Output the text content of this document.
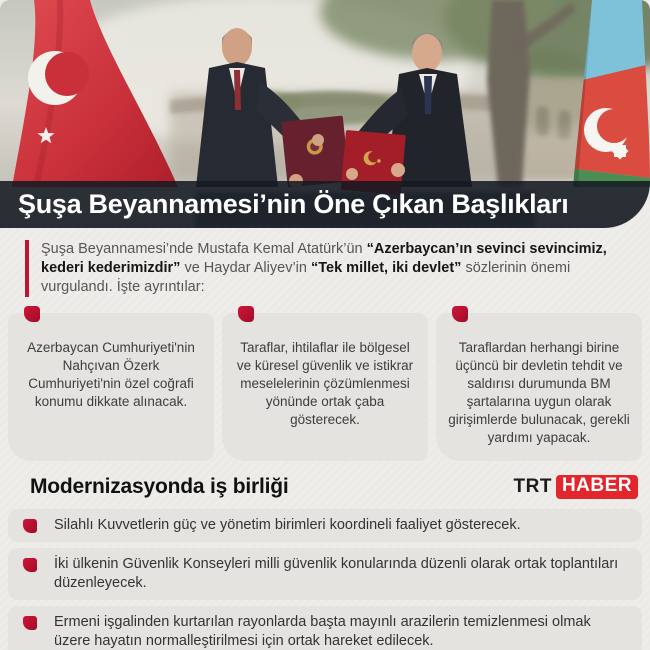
Şuşa Beyannamesi’nin Öne Çıkan Başlıkları

Şuşa Beyannamesi’nde Mustafa Kemal Atatürk’ün “Azerbaycan’ın sevinci sevincimiz, kederi kederimizdir” ve Haydar Aliyev’in “Tek millet, iki devlet” sözlerinin önemi vurgulandı. İşte ayrıntılar:

Azerbaycan Cumhuriyeti'nin Nahçıvan Özerk Cumhuriyeti'nin özel coğrafi konumu dikkate alınacak.

Taraflar, ihtilaflar ile bölgesel ve küresel güvenlik ve istikrar meselelerinin çözümlenmesi yönünde ortak çaba gösterecek.

Taraflardan herhangi birine üçüncü bir devletin tehdit ve saldırısı durumunda BM şartalarına uygun olarak girişimlerde bulunacak, gerekli yardımı yapacak.

Modernizasyonda iş birliği	TRT HABER

Silahlı Kuvvetlerin güç ve yönetim birimleri koordineli faaliyet gösterecek.

İki ülkenin Güvenlik Konseyleri milli güvenlik konularında düzenli olarak ortak toplantıları düzenleyecek.

Ermeni işgalinden kurtarılan rayonlarda başta mayınlı arazilerin temizlenmesi olmak üzere hayatın normalleştirilmesi için ortak hareket edilecek.
